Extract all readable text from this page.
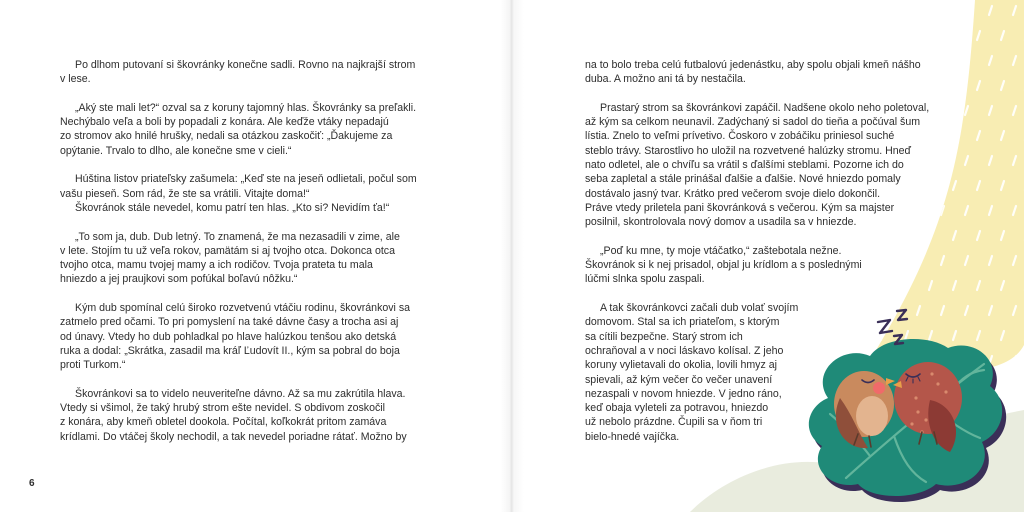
Po dlhom putovaní si škovránky konečne sadli. Rovno na najkrajší strom
v lese.

„Aký ste mali let?“ ozval sa z koruny tajomný hlas. Škovránky sa preľakli.
Nechýbalo veľa a boli by popadali z konára. Ale keďže vtáky nepadajú
zo stromov ako hnilé hrušky, nedali sa otázkou zaskočiť: „Ďakujeme za
opýtanie. Trvalo to dlho, ale konečne sme v cieli.“

Húština listov priateľsky zašumela: „Keď ste na jeseň odlietali, počul som
vašu pieseň. Som rád, že ste sa vrátili. Vitajte doma!“

Škovránok stále nevedel, komu patrí ten hlas. „Kto si? Nevidím ťa!“

„To som ja, dub. Dub letný. To znamená, že ma nezasadili v zime, ale
v lete. Stojím tu už veľa rokov, pamätám si aj tvojho otca. Dokonca otca
tvojho otca, mamu tvojej mamy a ich rodičov. Tvoja prateta tu mala
hniezdo a jej praujkovi som pofúkal boľavú nôžku.“

Kým dub spomínal celú široko rozvetvenú vtáčiu rodinu, škovránkovi sa
zatmelo pred očami. To pri pomyslení na také dávne časy a trocha asi aj
od únavy. Vtedy ho dub pohladkal po hlave halúzkou tenšou ako detská
ruka a dodal: „Skrátka, zasadil ma kráľ Ľudovít II., kým sa pobral do boja
proti Turkom.“

Škovránkovi sa to videlo neuveriteľne dávno. Až sa mu zakrútila hlava.
Vtedy si všimol, že taký hrubý strom ešte nevidel. S obdivom zoskočil
z konára, aby kmeň obletel dookola. Počítal, koľkokrát pritom zamáva
krídlami. Do vtáčej školy nechodil, a tak nevedel poriadne rátať. Možno by

6

na to bolo treba celú futbalovú jedenástku, aby spolu objali kmeň nášho
duba. A možno ani tá by nestačila.

Prastarý strom sa škovránkovi zapáčil. Nadšene okolo neho poletoval,
až kým sa celkom neunavil. Zadýchaný si sadol do tieňa a počúval šum
lístia. Znelo to veľmi prívetivo. Čoskoro v zobáčiku priniesol suché
steblo trávy. Starostlivo ho uložil na rozvetvené halúzky stromu. Hneď
nato odletel, ale o chvíľu sa vrátil s ďalšími steblami. Pozorne ich do
seba zapletal a stále prinášal ďalšie a ďalšie. Nové hniezdo pomaly
dostávalo jasný tvar. Krátko pred večerom svoje dielo dokončil.
Práve vtedy priletela pani škovránková s večerou. Kým sa majster
posilnil, skontrolovala nový domov a usadila sa v hniezde.

„Poď ku mne, ty moje vtáčatko,“ zaštebotala nežne.
Škovránok si k nej prisadol, objal ju krídlom a s poslednými
lúčmi slnka spolu zaspali.

A tak škovránkovci začali dub volať svojím
domovom. Stal sa ich priateľom, s ktorým
sa cítili bezpečne. Starý strom ich
ochraňoval a v noci láskavo kolísal. Z jeho
koruny vylietavali do okolia, lovili hmyz aj
spievali, až kým večer čo večer unavení
nezaspali v novom hniezde. V jedno ráno,
keď obaja vyleteli za potravou, hniezdo
už nebolo prázdne. Čupili sa v ňom tri
bielo-hnedé vajíčka.
